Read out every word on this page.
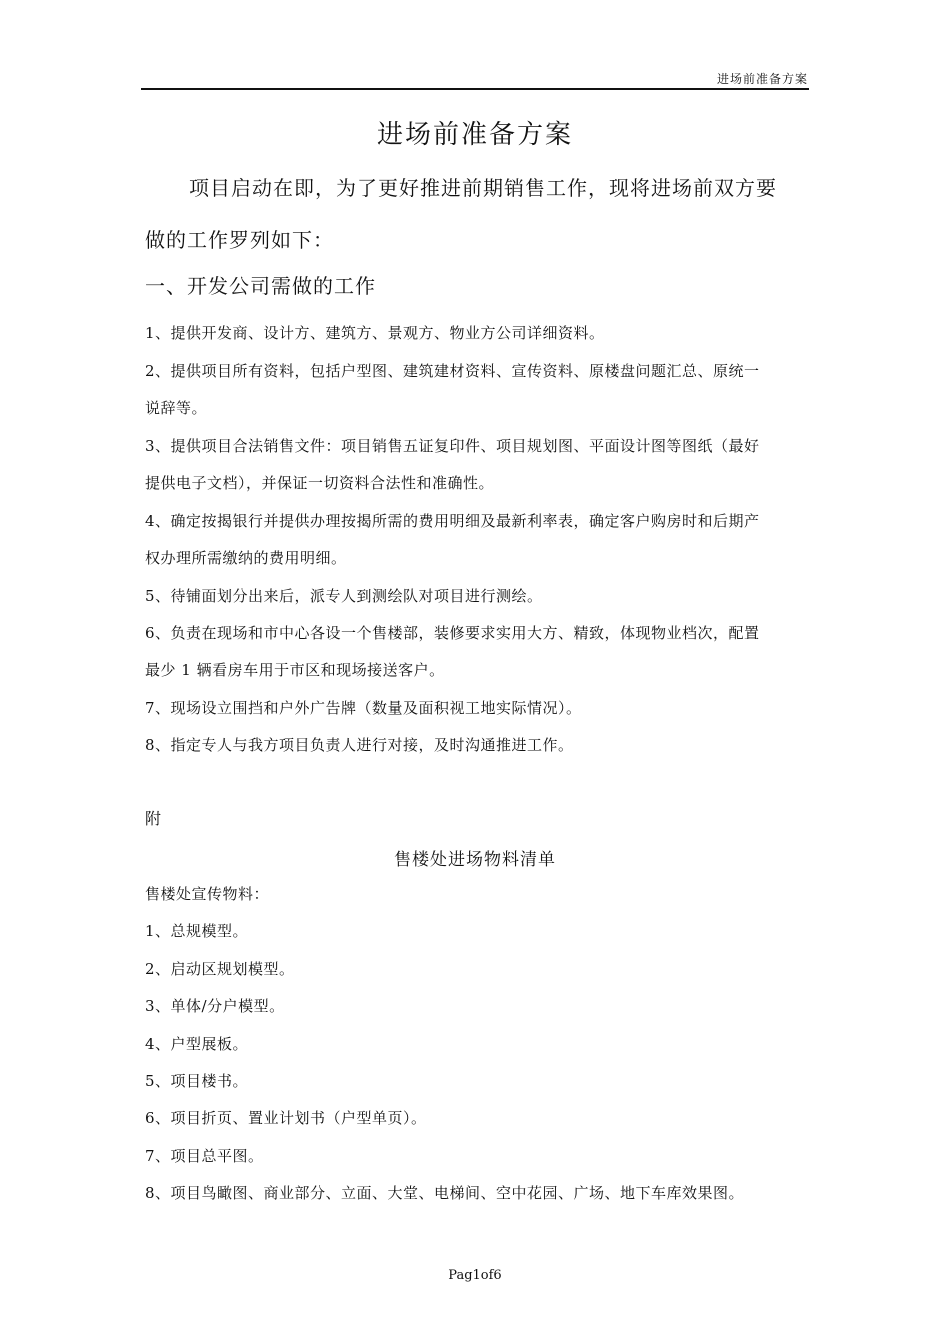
进场前准备方案
进场前准备方案
项目启动在即，为了更好推进前期销售工作，现将进场前双方要
做的工作罗列如下：
一、开发公司需做的工作
1、提供开发商、设计方、建筑方、景观方、物业方公司详细资料。
2、提供项目所有资料，包括户型图、建筑建材资料、宣传资料、原楼盘问题汇总、原统一
说辞等。
3、提供项目合法销售文件：项目销售五证复印件、项目规划图、平面设计图等图纸（最好
提供电子文档），并保证一切资料合法性和准确性。
4、确定按揭银行并提供办理按揭所需的费用明细及最新利率表，确定客户购房时和后期产
权办理所需缴纳的费用明细。
5、待铺面划分出来后，派专人到测绘队对项目进行测绘。
6、负责在现场和市中心各设一个售楼部，装修要求实用大方、精致，体现物业档次，配置
最少 1 辆看房车用于市区和现场接送客户。
7、现场设立围挡和户外广告牌（数量及面积视工地实际情况）。
8、指定专人与我方项目负责人进行对接，及时沟通推进工作。
附
售楼处进场物料清单
售楼处宣传物料：
1、总规模型。
2、启动区规划模型。
3、单体/分户模型。
4、户型展板。
5、项目楼书。
6、项目折页、置业计划书（户型单页）。
7、项目总平图。
8、项目鸟瞰图、商业部分、立面、大堂、电梯间、空中花园、广场、地下车库效果图。
Pag1of6
